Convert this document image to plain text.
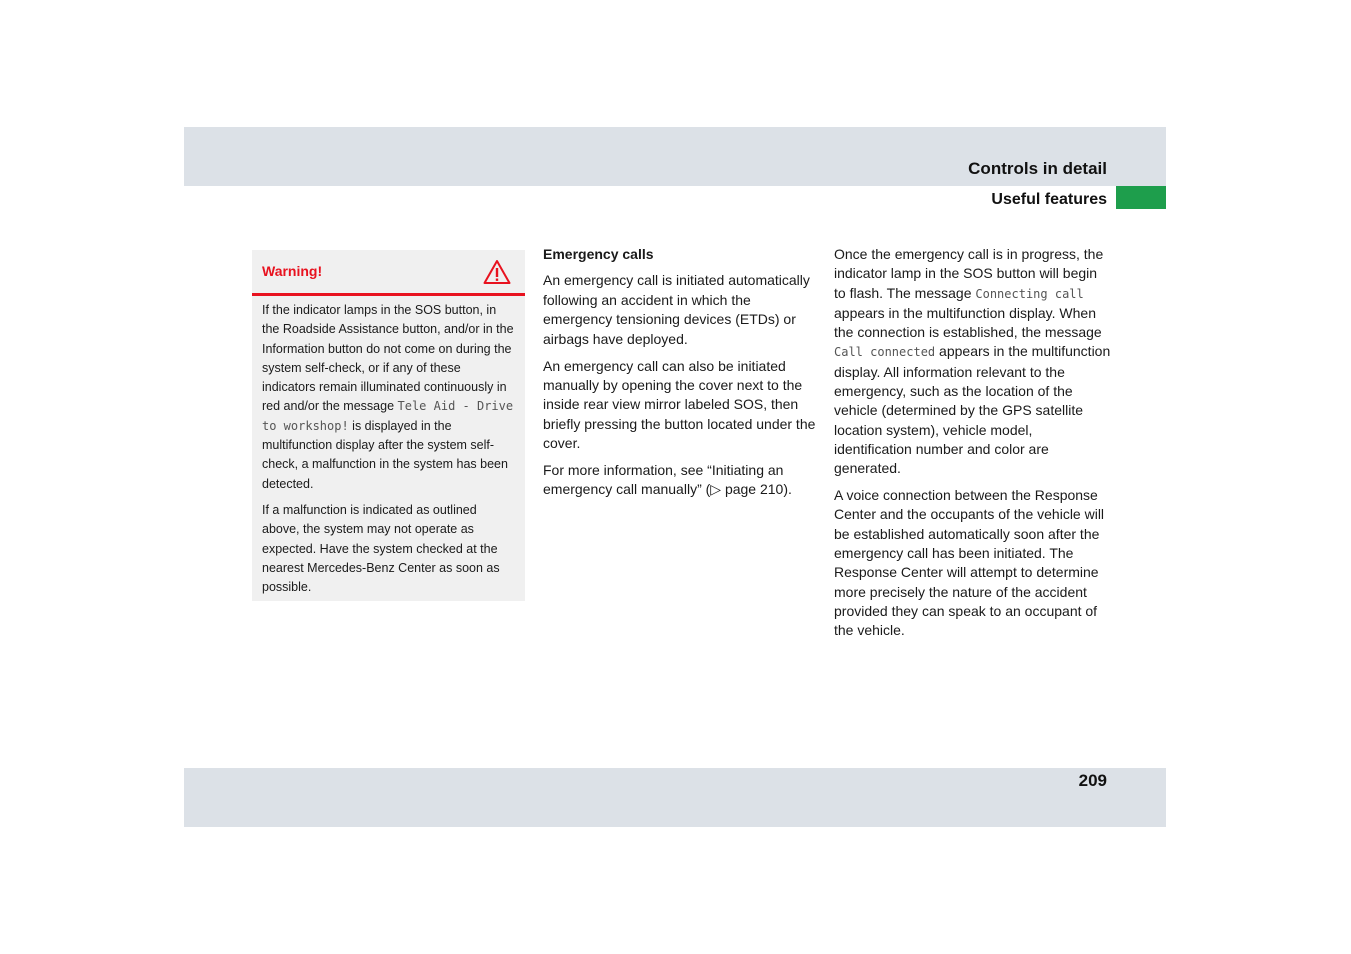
Controls in detail
Useful features
Warning!

If the indicator lamps in the SOS button, in the Roadside Assistance button, and/or in the Information button do not come on during the system self-check, or if any of these indicators remain illuminated continuously in red and/or the message Tele Aid - Drive to workshop! is displayed in the multifunction display after the system self-check, a malfunction in the system has been detected.

If a malfunction is indicated as outlined above, the system may not operate as expected. Have the system checked at the nearest Mercedes-Benz Center as soon as possible.

Emergency calls

An emergency call is initiated automatically following an accident in which the emergency tensioning devices (ETDs) or airbags have deployed.

An emergency call can also be initiated manually by opening the cover next to the inside rear view mirror labeled SOS, then briefly pressing the button located under the cover.

For more information, see “Initiating an emergency call manually” (▷ page 210).

Once the emergency call is in progress, the indicator lamp in the SOS button will begin to flash. The message Connecting call appears in the multifunction display. When the connection is established, the message Call connected appears in the multifunction display. All information relevant to the emergency, such as the location of the vehicle (determined by the GPS satellite location system), vehicle model, identification number and color are generated.

A voice connection between the Response Center and the occupants of the vehicle will be established automatically soon after the emergency call has been initiated. The Response Center will attempt to determine more precisely the nature of the accident provided they can speak to an occupant of the vehicle.

209
